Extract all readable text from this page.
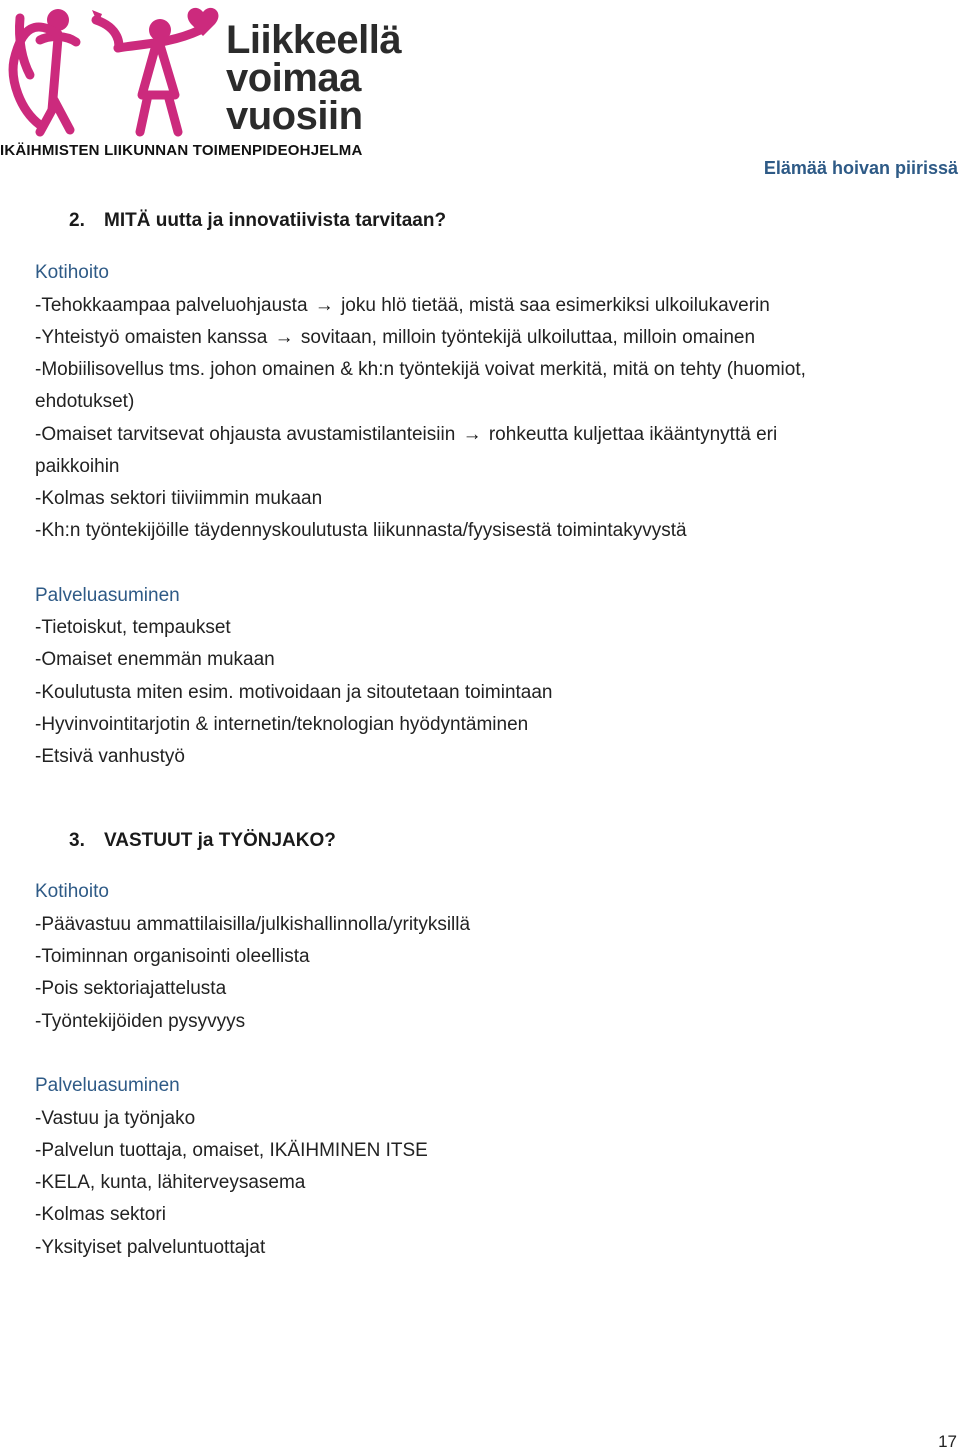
Liikkeellä
voimaa
vuosiin
IKÄIHMISTEN LIIKUNNAN TOIMENPIDEOHJELMA
Elämää hoivan piirissä
2. MITÄ uutta ja innovatiivista tarvitaan?
Kotihoito
-Tehokkaampaa palveluohjausta → joku hlö tietää, mistä saa esimerkiksi ulkoilukaverin
-Yhteistyö omaisten kanssa → sovitaan, milloin työntekijä ulkoiluttaa, milloin omainen
-Mobiilisovellus tms. johon omainen & kh:n työntekijä voivat merkitä, mitä on tehty (huomiot,
ehdotukset)
-Omaiset tarvitsevat ohjausta avustamistilanteisiin → rohkeutta kuljettaa ikääntynyttä eri
paikkoihin
-Kolmas sektori tiiviimmin mukaan
-Kh:n työntekijöille täydennyskoulutusta liikunnasta/fyysisestä toimintakyvystä
Palveluasuminen
-Tietoiskut, tempaukset
-Omaiset enemmän mukaan
-Koulutusta miten esim. motivoidaan ja sitoutetaan toimintaan
-Hyvinvointitarjotin & internetin/teknologian hyödyntäminen
-Etsivä vanhustyö
3. VASTUUT ja TYÖNJAKO?
Kotihoito
-Päävastuu ammattilaisilla/julkishallinnolla/yrityksillä
-Toiminnan organisointi oleellista
-Pois sektoriajattelusta
-Työntekijöiden pysyvyys
Palveluasuminen
-Vastuu ja työnjako
-Palvelun tuottaja, omaiset, IKÄIHMINEN ITSE
-KELA, kunta, lähiterveysasema
-Kolmas sektori
-Yksityiset palveluntuottajat
17
